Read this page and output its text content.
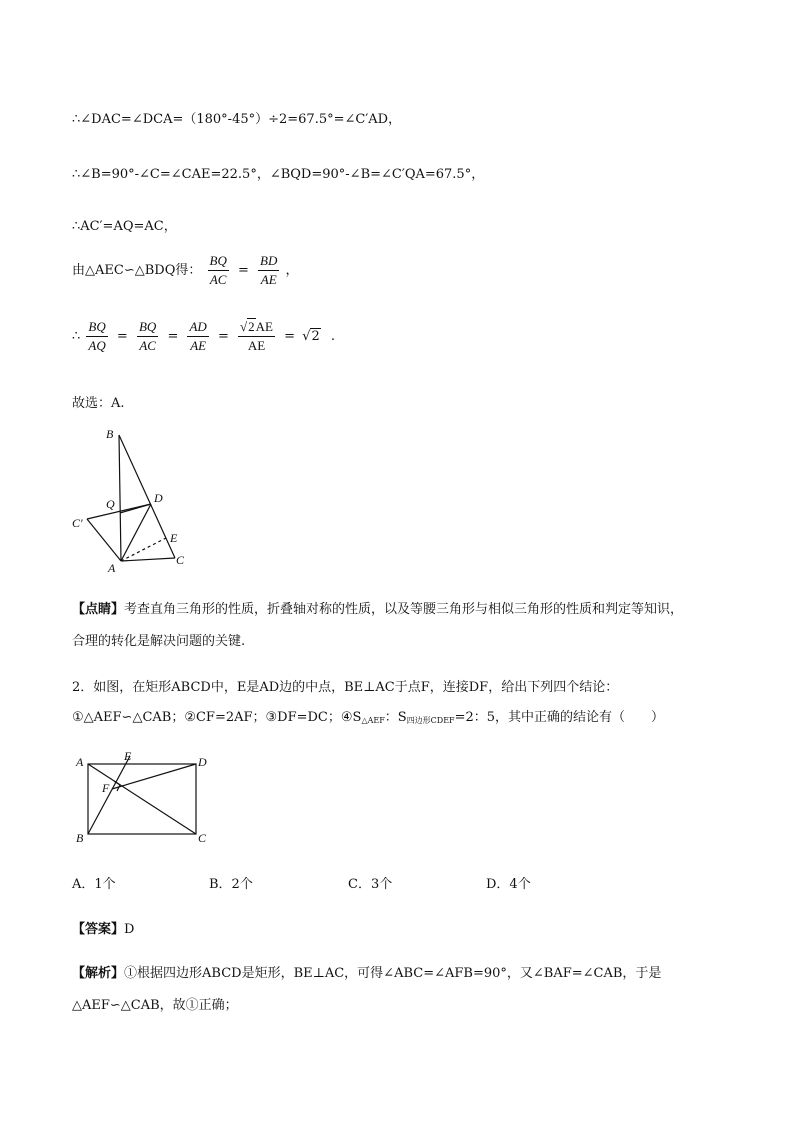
∴∠DAC=∠DCA=（180°-45°）÷2=67.5°=∠C′AD，
∴∠B=90°-∠C=∠CAE=22.5°，∠BQD=90°-∠B=∠C′QA=67.5°，
∴AC′=AQ=AC，
由△AEC∽△BDQ得： $\frac{BQ}{AC} = \frac{BD}{AE}$ ，
∴ $\frac{BQ}{AQ} = \frac{BQ}{AC} = \frac{AD}{AE} = \frac{√2AE}{AE} = √2$ .
故选：A.
B
Q	D
C′
E
A
C
【点睛】考查直角三角形的性质，折叠轴对称的性质，以及等腰三角形与相似三角形的性质和判定等知识，
合理的转化是解决问题的关键.
2．如图，在矩形ABCD中，E是AD边的中点，BE⊥AC于点F，连接DF，给出下列四个结论：
①△AEF∽△CAB；②CF=2AF；③DF=DC；$④S_{\triangle AEF}$：$S_{四边形CDEF}=2$：5，其中正确的结论有（　　）
A	E	D
F
B	C
A．1个	B．2个	C．3个	D．4个
【答案】D
【解析】①根据四边形ABCD是矩形，BE⊥AC，可得∠ABC=∠AFB=90°，又∠BAF=∠CAB，于是
△AEF∽△CAB，故①正确；
